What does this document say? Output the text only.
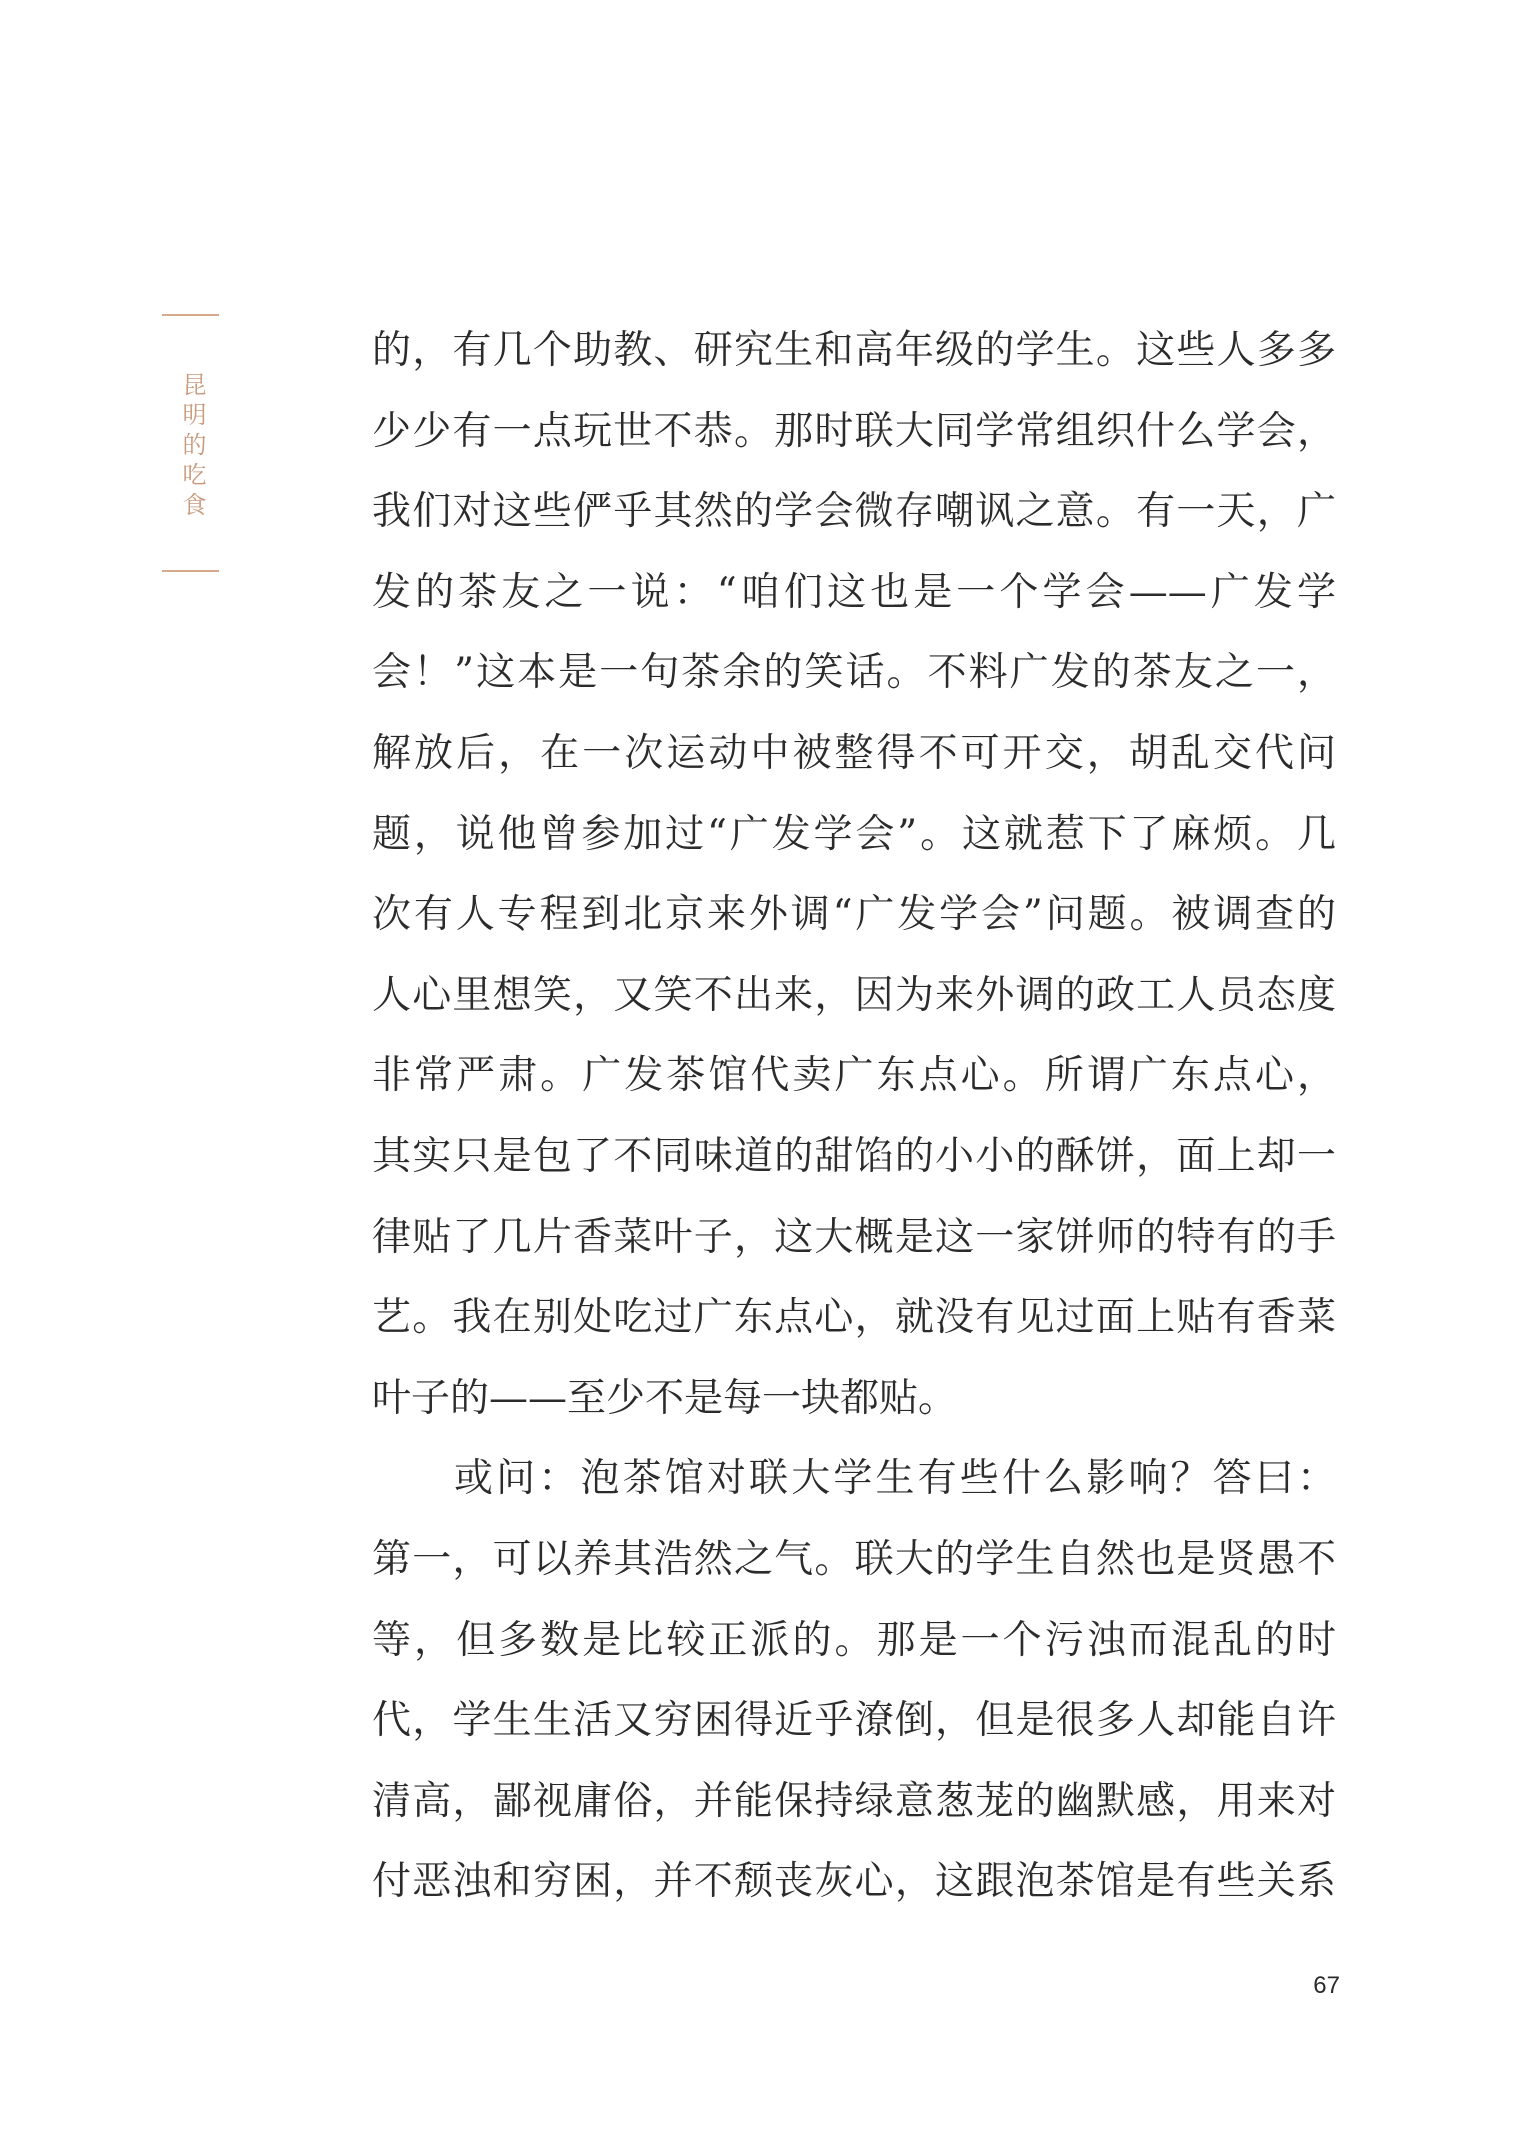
昆明的吃食
的，有几个助教、研究生和高年级的学生。这些人多多
少少有一点玩世不恭。那时联大同学常组织什么学会，
我们对这些俨乎其然的学会微存嘲讽之意。有一天，广
发的茶友之一说：“咱们这也是一个学会——广发学
会！”这本是一句茶余的笑话。不料广发的茶友之一，
解放后，在一次运动中被整得不可开交，胡乱交代问
题，说他曾参加过“广发学会”。这就惹下了麻烦。几
次有人专程到北京来外调“广发学会”问题。被调查的
人心里想笑，又笑不出来，因为来外调的政工人员态度
非常严肃。广发茶馆代卖广东点心。所谓广东点心，
其实只是包了不同味道的甜馅的小小的酥饼，面上却一
律贴了几片香菜叶子，这大概是这一家饼师的特有的手
艺。我在别处吃过广东点心，就没有见过面上贴有香菜
叶子的——至少不是每一块都贴。
或问：泡茶馆对联大学生有些什么影响？答曰：
第一，可以养其浩然之气。联大的学生自然也是贤愚不
等，但多数是比较正派的。那是一个污浊而混乱的时
代，学生生活又穷困得近乎潦倒，但是很多人却能自许
清高，鄙视庸俗，并能保持绿意葱茏的幽默感，用来对
付恶浊和穷困，并不颓丧灰心，这跟泡茶馆是有些关系
67
